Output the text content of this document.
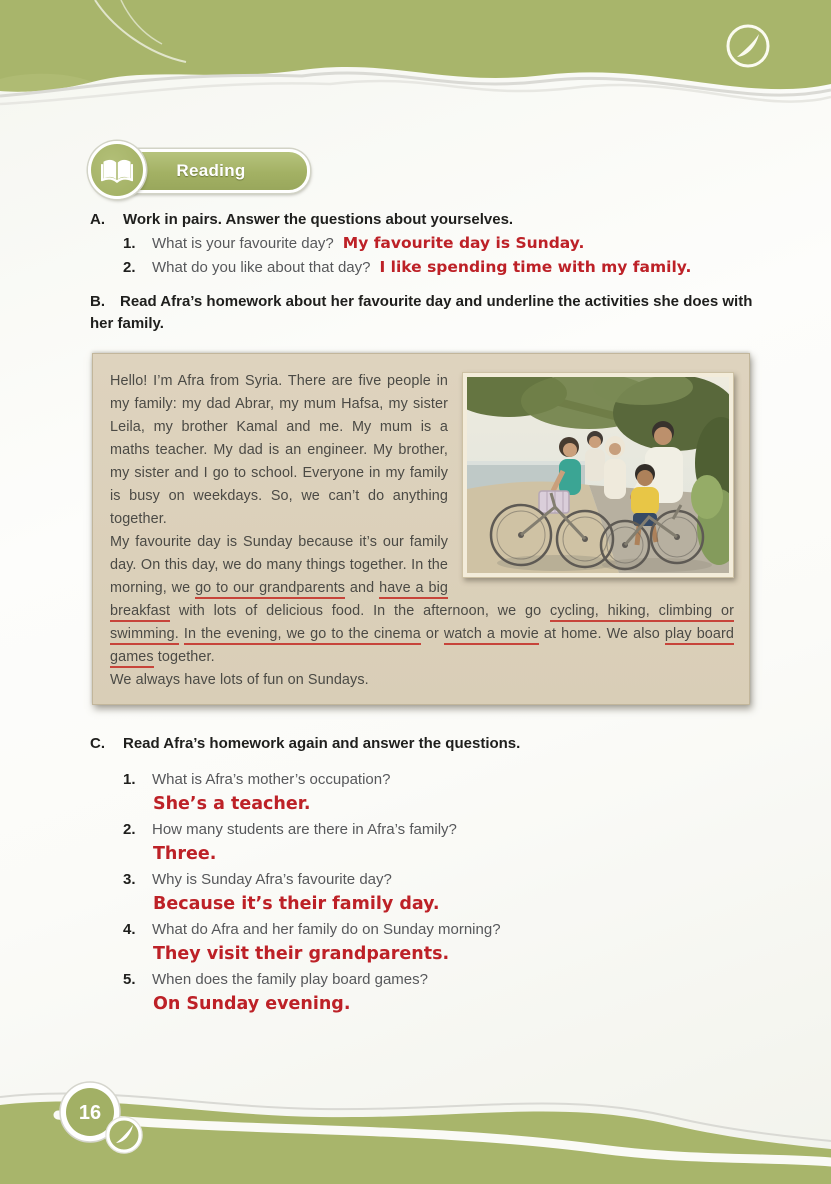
Reading
A.	Work in pairs. Answer the questions about yourselves.
1.	What is your favourite day? My favourite day is Sunday.
2.	What do you like about that day? I like spending time with my family.
B. Read Afra’s homework about her favourite day and underline the activities she does with her family.

Hello! I’m Afra from Syria. There are five people in my family: my dad Abrar, my mum Hafsa, my sister Leila, my brother Kamal and me. My mum is a maths teacher. My dad is an engineer. My brother, my sister and I go to school. Everyone in my family is busy on weekdays. So, we can’t do anything together.

My favourite day is Sunday because it’s our family day. On this day, we do many things together. In the morning, we go to our grandparents and have a big breakfast with lots of delicious food. In the afternoon, we go cycling, hiking, climbing or swimming. In the evening, we go to the cinema or watch a movie at home. We also play board games together.

We always have lots of fun on Sundays.

C.	Read Afra’s homework again and answer the questions.
1.	What is Afra’s mother’s occupation?
She’s a teacher.
2.	How many students are there in Afra’s family?
Three.
3.	Why is Sunday Afra’s favourite day?
Because it’s their family day.
4.	What do Afra and her family do on Sunday morning?
They visit their grandparents.
5.	When does the family play board games?
On Sunday evening.
16
